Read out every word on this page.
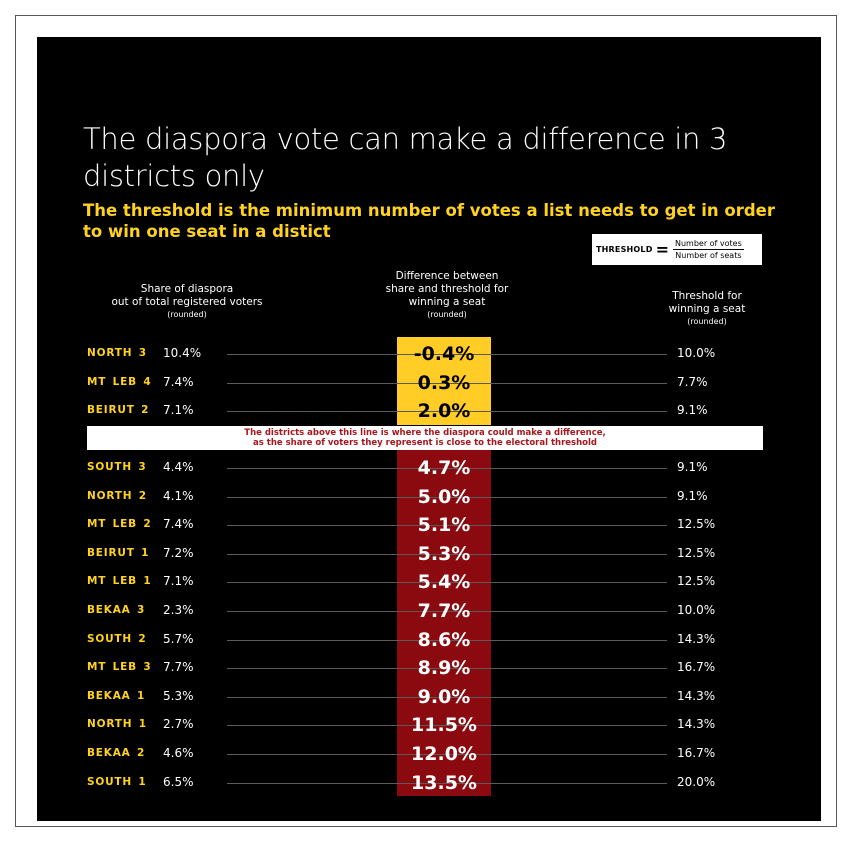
The diaspora vote can make a difference in 3 districts only
The threshold is the minimum number of votes a list needs to get in order to win one seat in a distict
THRESHOLD = $\frac{\text{Number of votes}}{\text{Number of seats}}$
Share of diaspora
out of total registered voters
(rounded)
Difference between
share and threshold for
winning a seat
(rounded)
Threshold for
winning a seat
(rounded)
The districts above this line is where the diaspora could make a difference,
as the share of voters they represent is close to the electoral threshold
NORTH 3	10.4%	-0.4%	10.0%
MT LEB 4 7.4%	0.3%	7.7%
BEIRUT 2	7.1%	2.0%	9.1%
SOUTH 3	4.4%	4.7%	9.1%
NORTH 2	4.1%	5.0%	9.1%
MT LEB 2 7.4%	5.1%	12.5%
BEIRUT 1	7.2%	5.3%	12.5%
MT LEB 1 7.1%	5.4%	12.5%
BEKAA 3	2.3%	7.7%	10.0%
SOUTH 2	5.7%	8.6%	14.3%
MT LEB 3 7.7%	8.9%	16.7%
BEKAA 1	5.3%	9.0%	14.3%
NORTH 1	2.7%	11.5%	14.3%
BEKAA 2	4.6%	12.0%	16.7%
SOUTH 1	6.5%	13.5%	20.0%
